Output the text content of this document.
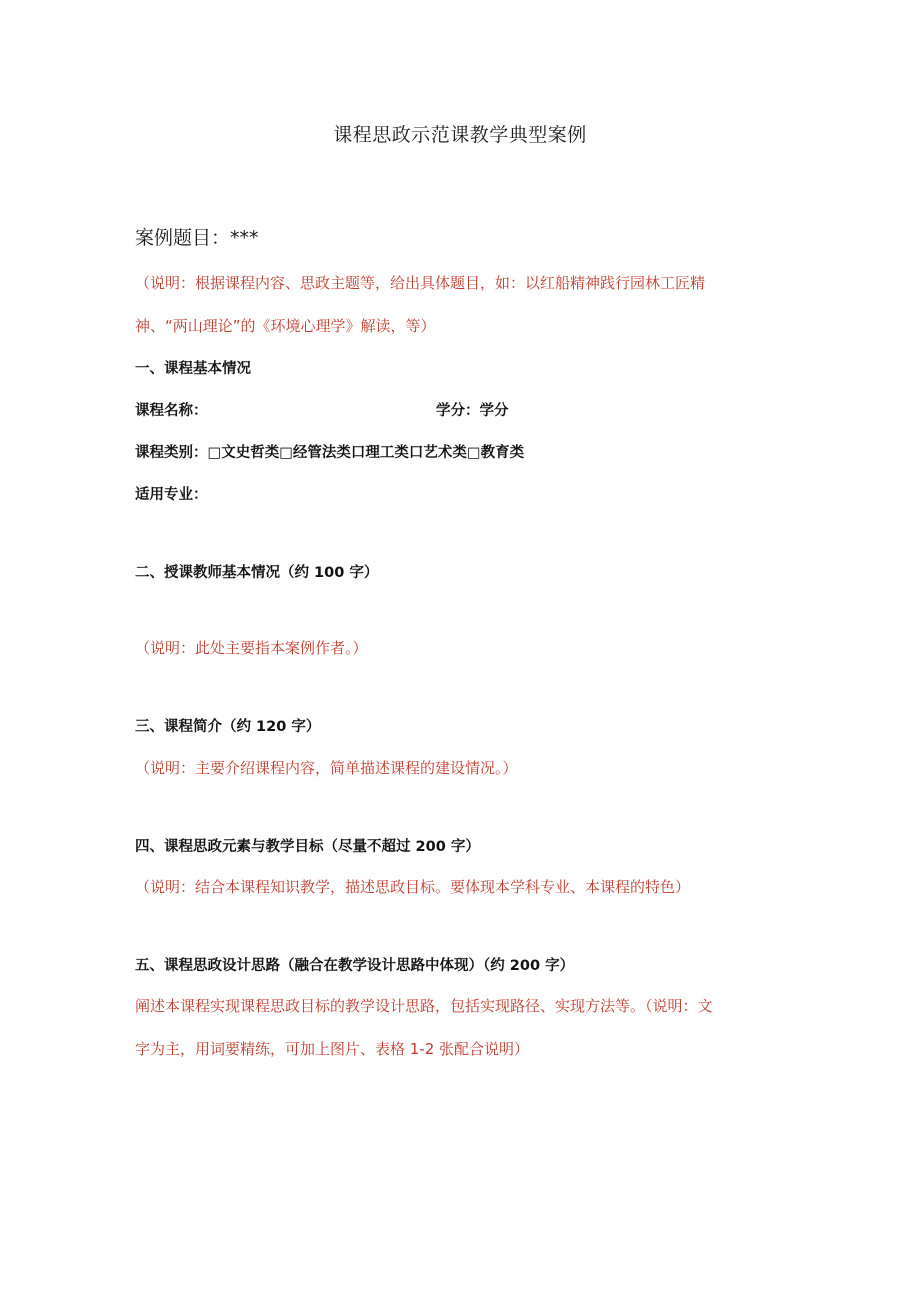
课程思政示范课教学典型案例
案例题目：***
（说明：根据课程内容、思政主题等，给出具体题目，如：以红船精神践行园林工匠精
神、“两山理论”的《环境心理学》解读，等）
一、课程基本情况
课程名称：	学分：学分
课程类别：□文史哲类□经管法类口理工类口艺术类□教育类
适用专业：
二、授课教师基本情况（约 100 字）
（说明：此处主要指本案例作者。）
三、课程简介（约 120 字）
（说明：主要介绍课程内容，简单描述课程的建设情况。）
四、课程思政元素与教学目标（尽量不超过 200 字）
（说明：结合本课程知识教学，描述思政目标。要体现本学科专业、本课程的特色）
五、课程思政设计思路（融合在教学设计思路中体现）（约 200 字）
阐述本课程实现课程思政目标的教学设计思路，包括实现路径、实现方法等。（说明：文
字为主，用词要精练，可加上图片、表格 1-2 张配合说明）
